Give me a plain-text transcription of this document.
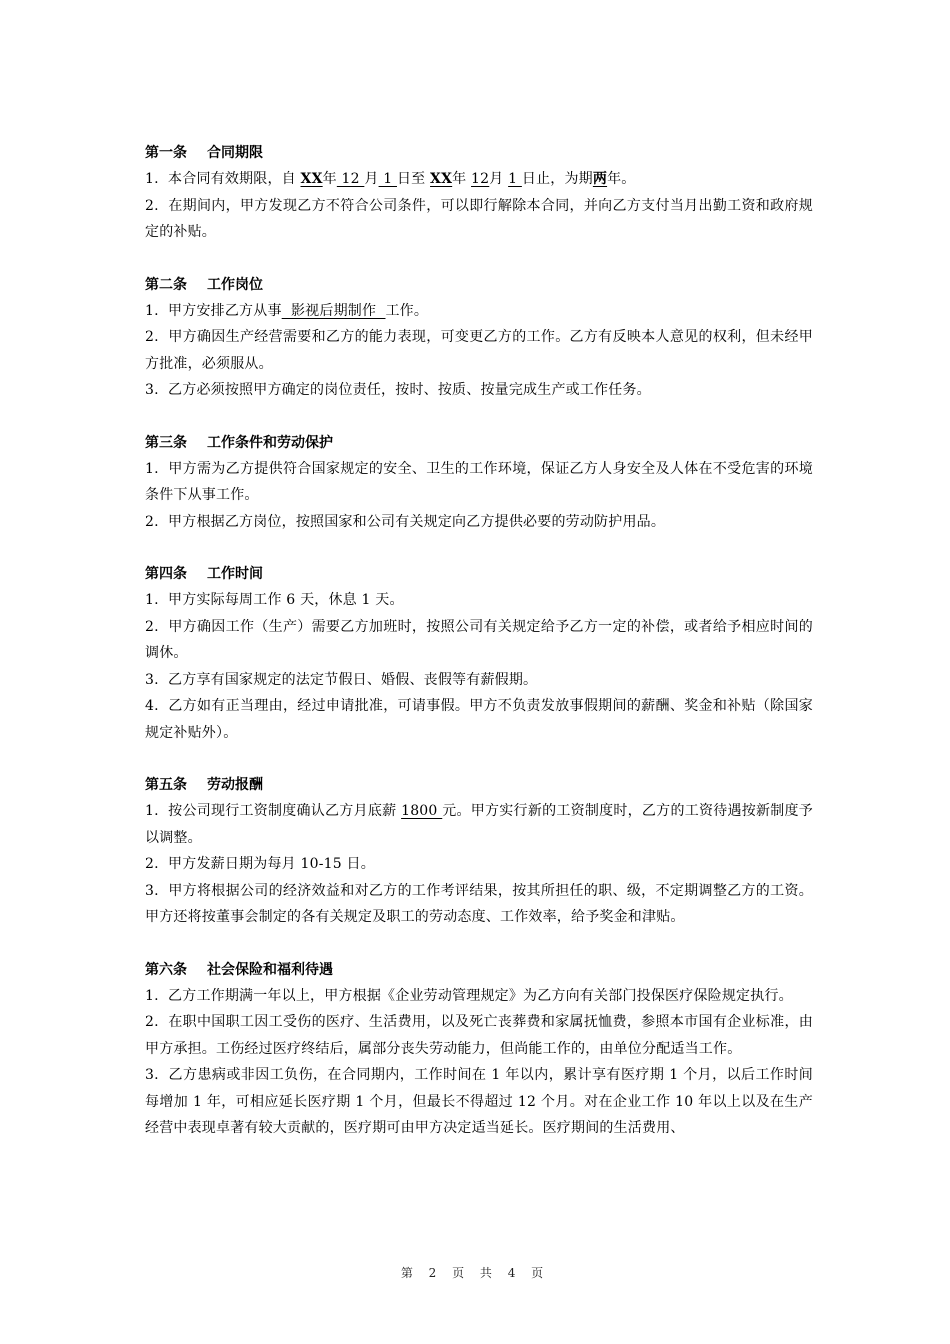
第一条 合同期限
1.  本合同有效期限，自 XX年 12 月 1 日至 XX年 12月 1 日止，为期两年。
2.  在期间内，甲方发现乙方不符合公司条件，可以即行解除本合同，并向乙方支付当月出勤工资和政府规定的补贴。
第二条 工作岗位
1.  甲方安排乙方从事  影视后期制作  工作。
2.  甲方确因生产经营需要和乙方的能力表现，可变更乙方的工作。乙方有反映本人意见的权利，但未经甲方批准，必须服从。
3.  乙方必须按照甲方确定的岗位责任，按时、按质、按量完成生产或工作任务。
第三条 工作条件和劳动保护
1.  甲方需为乙方提供符合国家规定的安全、卫生的工作环境，保证乙方人身安全及人体在不受危害的环境条件下从事工作。
2.  甲方根据乙方岗位，按照国家和公司有关规定向乙方提供必要的劳动防护用品。
第四条 工作时间
1.  甲方实际每周工作 6 天，休息 1 天。
2.  甲方确因工作（生产）需要乙方加班时，按照公司有关规定给予乙方一定的补偿，或者给予相应时间的调休。
3.  乙方享有国家规定的法定节假日、婚假、丧假等有薪假期。
4.  乙方如有正当理由，经过申请批准，可请事假。甲方不负责发放事假期间的薪酬、奖金和补贴（除国家规定补贴外）。
第五条 劳动报酬
1.  按公司现行工资制度确认乙方月底薪 1800 元。甲方实行新的工资制度时，乙方的工资待遇按新制度予以调整。
2.  甲方发薪日期为每月 10-15 日。
3.  甲方将根据公司的经济效益和对乙方的工作考评结果，按其所担任的职、级，不定期调整乙方的工资。甲方还将按董事会制定的各有关规定及职工的劳动态度、工作效率，给予奖金和津贴。
第六条 社会保险和福利待遇
1.  乙方工作期满一年以上，甲方根据《企业劳动管理规定》为乙方向有关部门投保医疗保险规定执行。
2.  在职中国职工因工受伤的医疗、生活费用，以及死亡丧葬费和家属抚恤费，参照本市国有企业标准，由甲方承担。工伤经过医疗终结后，属部分丧失劳动能力，但尚能工作的，由单位分配适当工作。
3.  乙方患病或非因工负伤，在合同期内，工作时间在 1 年以内，累计享有医疗期 1 个月，以后工作时间每增加 1 年，可相应延长医疗期 1 个月，但最长不得超过 12 个月。对在企业工作 10 年以上以及在生产经营中表现卓著有较大贡献的，医疗期可由甲方决定适当延长。医疗期间的生活费用、
第 2 页 共 4 页
